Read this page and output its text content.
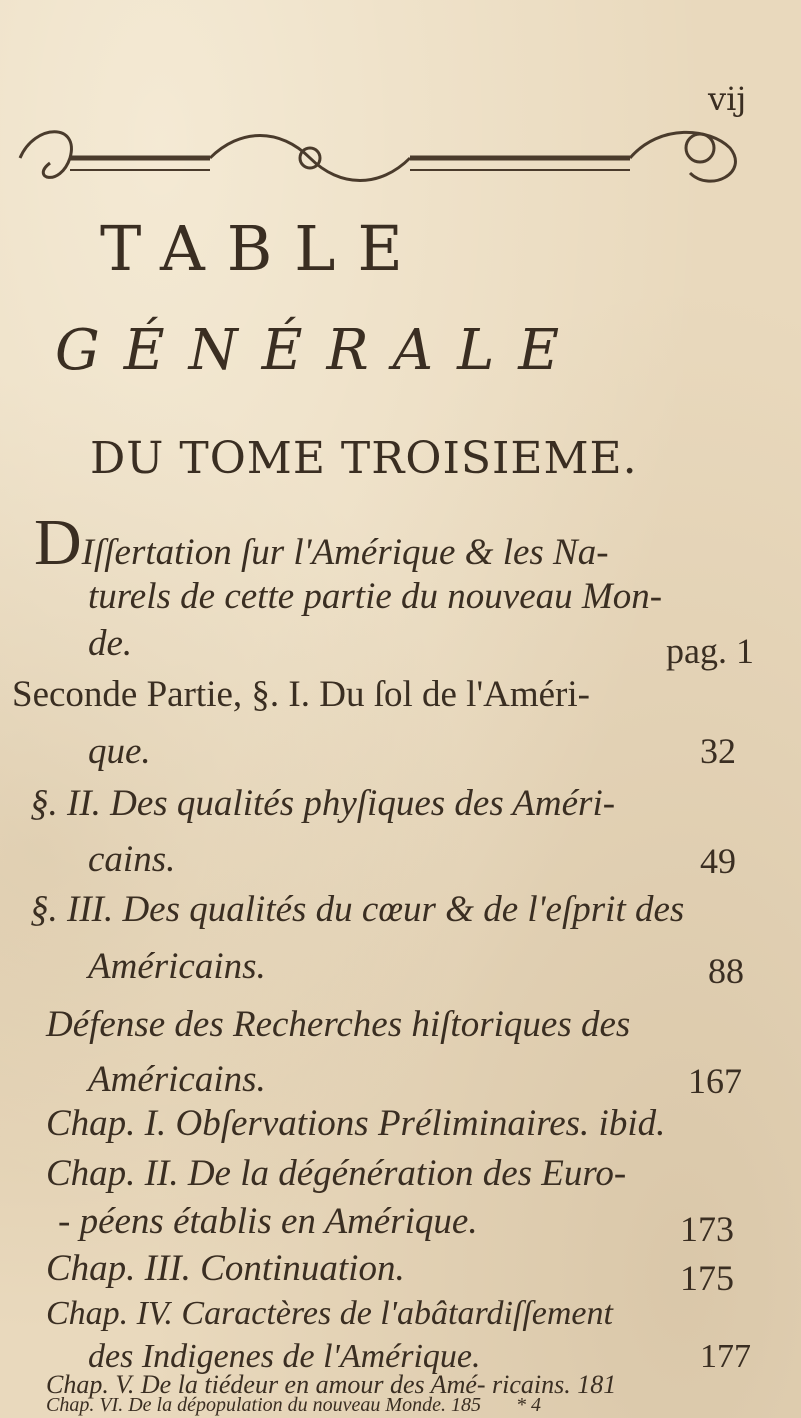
vij
TABLE
GÉNÉRALE
DU TOME TROISIEME.
DIſſertation ſur l'Amérique & les Na-
turels de cette partie du nouveau Mon-
de.	pag. 1
Seconde Partie, §. I. Du ſol de l'Améri-
que.	32
§. II. Des qualités phyſiques des Améri-
cains.	49
§. III. Des qualités du cœur & de l'eſprit des
Américains.	88
Défense des Recherches hiſtoriques des
Américains.	167
Chap. I. Obſervations Préliminaires. ibid.
Chap. II. De la dégénération des Euro-
- péens établis en Amérique.	173
Chap. III. Continuation.	175
Chap. IV. Caractères de l'abâtardiſſement
des Indigenes de l'Amérique.	177
Chap. V. De la tiédeur en amour des Amé- ricains. 181
Chap. VI. De la dépopulation du nouveau Monde. 185 * 4
